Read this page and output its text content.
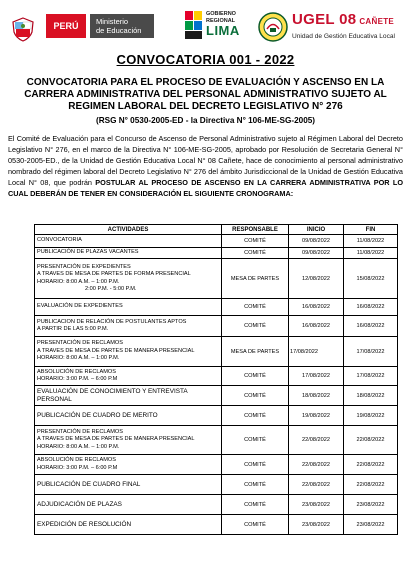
PERÚ Ministerio
de Educación
GOBIERNO
REGIONAL
LIMA
UGEL 08 CAÑETE
Unidad de Gestión Educativa Local
CONVOCATORIA 001 - 2022
CONVOCATORIA PARA EL PROCESO DE EVALUACIÓN Y ASCENSO EN LA CARRERA ADMINISTRATIVA DEL PERSONAL ADMINISTRATIVO SUJETO AL REGIMEN LABORAL DEL DECRETO LEGISLATIVO N° 276
(RSG N° 0530-2005-ED - la Directiva N° 106-ME-SG-2005)
El Comité de Evaluación para el Concurso de Ascenso de Personal Administrativo sujeto al Régimen Laboral del Decreto Legislativo N° 276, en el marco de la Directiva N° 106-ME-SG-2005, aprobado por Resolución de Secretaria General N° 0530-2005-ED., de la Unidad de Gestión Educativa Local N° 08 Cañete, hace de conocimiento al personal administrativo nombrado del régimen laboral del Decreto Legislativo N° 276 del ámbito Jurisdiccional de la Unidad de Gestión Educativa Local N° 08, que podrán POSTULAR AL PROCESO DE ASCENSO EN LA CARRERA ADMINISTRATIVA POR LO CUAL DEBERÁN DE TENER EN CONSIDERACIÓN EL SIGUIENTE CRONOGRAMA:
ACTIVIDADES	RESPONSABLE	INICIO	FIN

CONVOCATORIA	COMITÉ	09/08/2022	11/08/2022

PUBLICACIÓN DE PLAZAS VACANTES	COMITÉ	09/08/2022	11/08/2022

PRESENTACIÓN DE EXPEDIENTES
A TRAVES DE MESA DE PARTES DE FORMA PRESENCIAL
HORARIO: 8:00 A.M. – 1:00 P.M.
2:00 P.M. - 5:00 P.M.	MESA DE PARTES	12/08/2022	15/08/2022

EVALUACIÓN DE EXPEDIENTES	COMITÉ	16/08/2022	16/08/2022

PUBLICACION DE RELACIÓN DE POSTULANTES APTOS
A PARTIR DE LAS 5:00 P.M.	COMITÉ	16/08/2022	16/08/2022

PRESENTACIÓN DE RECLAMOS
A TRAVES DE MESA DE PARTES DE MANERA PRESENCIAL
HORARIO: 8:00 A.M. – 1:00 P.M.	MESA DE PARTES	17/08/2022	17/08/2022

ABSOLUCIÓN DE RECLAMOS
HORARIO: 3:00 P.M. – 6:00 P.M	COMITÉ	17/08/2022	17/08/2022

EVALUACIÓN DE CONOCIMIENTO Y ENTREVISTA PERSONAL	COMITÉ	18/08/2022	18/08/2022

PUBLICACIÓN DE CUADRO DE MERITO	COMITÉ	19/08/2022	19/08/2022

PRESENTACIÓN DE RECLAMOS
A TRAVES DE MESA DE PARTES DE MANERA PRESENCIAL
HORARIO: 8:00 A.M. – 1:00 P.M.	COMITÉ	22/08/2022	22/08/2022

ABSOLUCIÓN DE RECLAMOS
HORARIO: 3:00 P.M. – 6:00 P.M	COMITÉ	22/08/2022	22/08/2022

PUBLICACIÓN DE CUADRO FINAL	COMITÉ	22/08/2022	22/08/2022

ADJUDICACIÓN DE PLAZAS	COMITÉ	23/08/2022	23/08/2022

EXPEDICIÓN DE RESOLUCIÓN	COMITÉ	23/08/2022	23/08/2022
